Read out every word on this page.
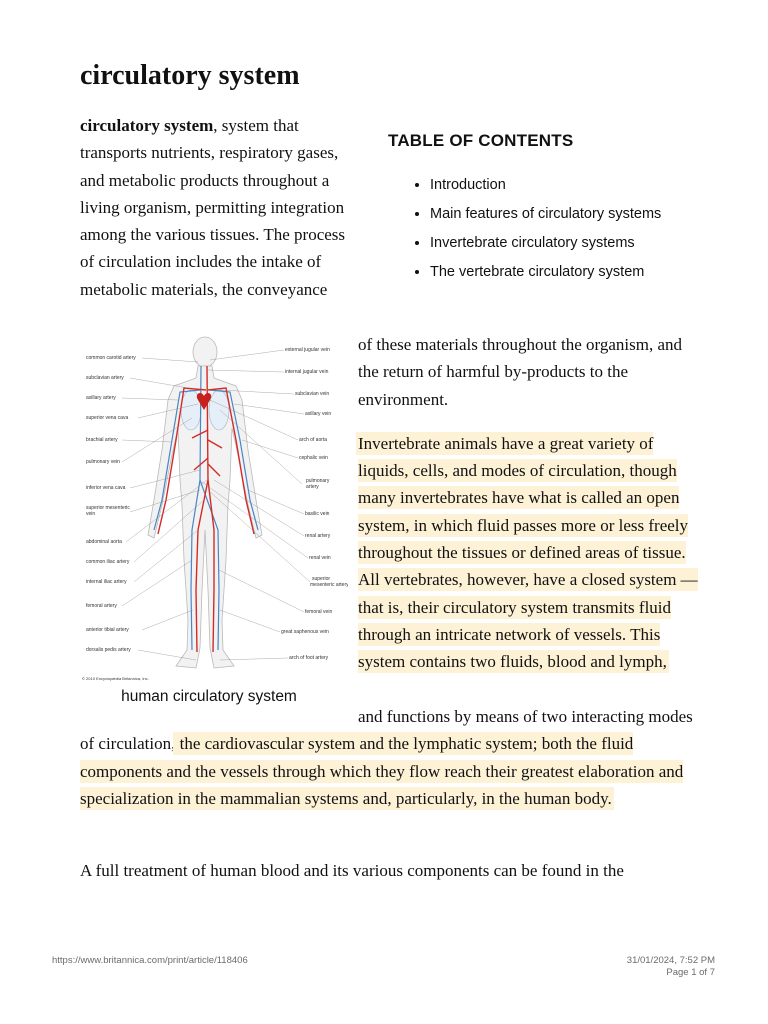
circulatory system
circulatory system, system that transports nutrients, respiratory gases, and metabolic products throughout a living organism, permitting integration among the various tissues. The process of circulation includes the intake of metabolic materials, the conveyance
TABLE OF CONTENTS
• Introduction
• Main features of circulatory systems
• Invertebrate circulatory systems
• The vertebrate circulatory system
common carotid artery
subclavian artery
axillary artery
superior vena cava
brachial artery
pulmonary vein
inferior vena cava
superior mesenteric
vein
abdominal aorta
common iliac artery
internal iliac artery
femoral artery
anterior tibial artery
dorsalis pedis artery
© 2010 Encyclopædia Britannica, Inc.
external jugular vein
internal jugular vein
subclavian vein
axillary vein
arch of aorta
cephalic vein
pulmonary
artery
basilic vein
renal artery
renal vein
superior
mesenteric artery
femoral vein
great saphenous vein
arch of foot artery
human circulatory system

of these materials throughout the organism, and the return of harmful by-products to the environment.

Invertebrate animals have a great variety of liquids, cells, and modes of circulation, though many invertebrates have what is called an open system, in which fluid passes more or less freely throughout the tissues or defined areas of tissue. All vertebrates, however, have a closed system —that is, their circulatory system transmits fluid through an intricate network of vessels. This system contains two fluids, blood and lymph,

and functions by means of two interacting modes of circulation, the cardiovascular system and the lymphatic system; both the fluid components and the vessels through which they flow reach their greatest elaboration and specialization in the mammalian systems and, particularly, in the human body.
A full treatment of human blood and its various components can be found in the
https://www.britannica.com/print/article/118406	31/01/2024, 7:52 PM
Page 1 of 7
